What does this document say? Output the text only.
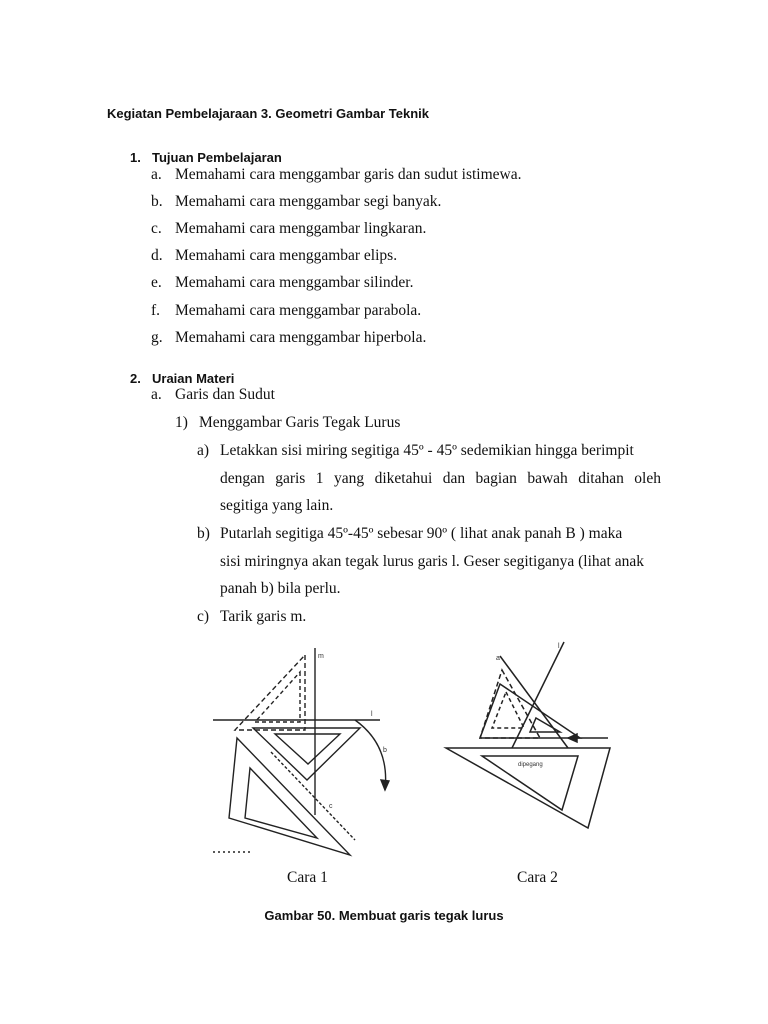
Kegiatan Pembelajaraan 3. Geometri Gambar Teknik
1. Tujuan Pembelajaran
a. Memahami cara menggambar garis dan sudut istimewa.
b. Memahami cara menggambar segi banyak.
c. Memahami cara menggambar lingkaran.
d. Memahami cara menggambar elips.
e. Memahami cara menggambar silinder.
f. Memahami cara menggambar parabola.
g. Memahami cara menggambar hiperbola.
2. Uraian Materi
a. Garis dan Sudut
1) Menggambar Garis Tegak Lurus
a) Letakkan sisi miring segitiga 45º - 45º sedemikian hingga berimpit
dengan garis 1 yang diketahui dan bagian bawah ditahan oleh
segitiga yang lain.
b) Putarlah segitiga 45º-45º sebesar 90º ( lihat anak panah B ) maka
sisi miringnya akan tegak lurus garis l. Geser segitiganya (lihat anak
panah b) bila perlu.
c) Tarik garis m.
m
l
b
c
a
l
dipegang
Cara 1	Cara 2
Gambar 50. Membuat garis tegak lurus
